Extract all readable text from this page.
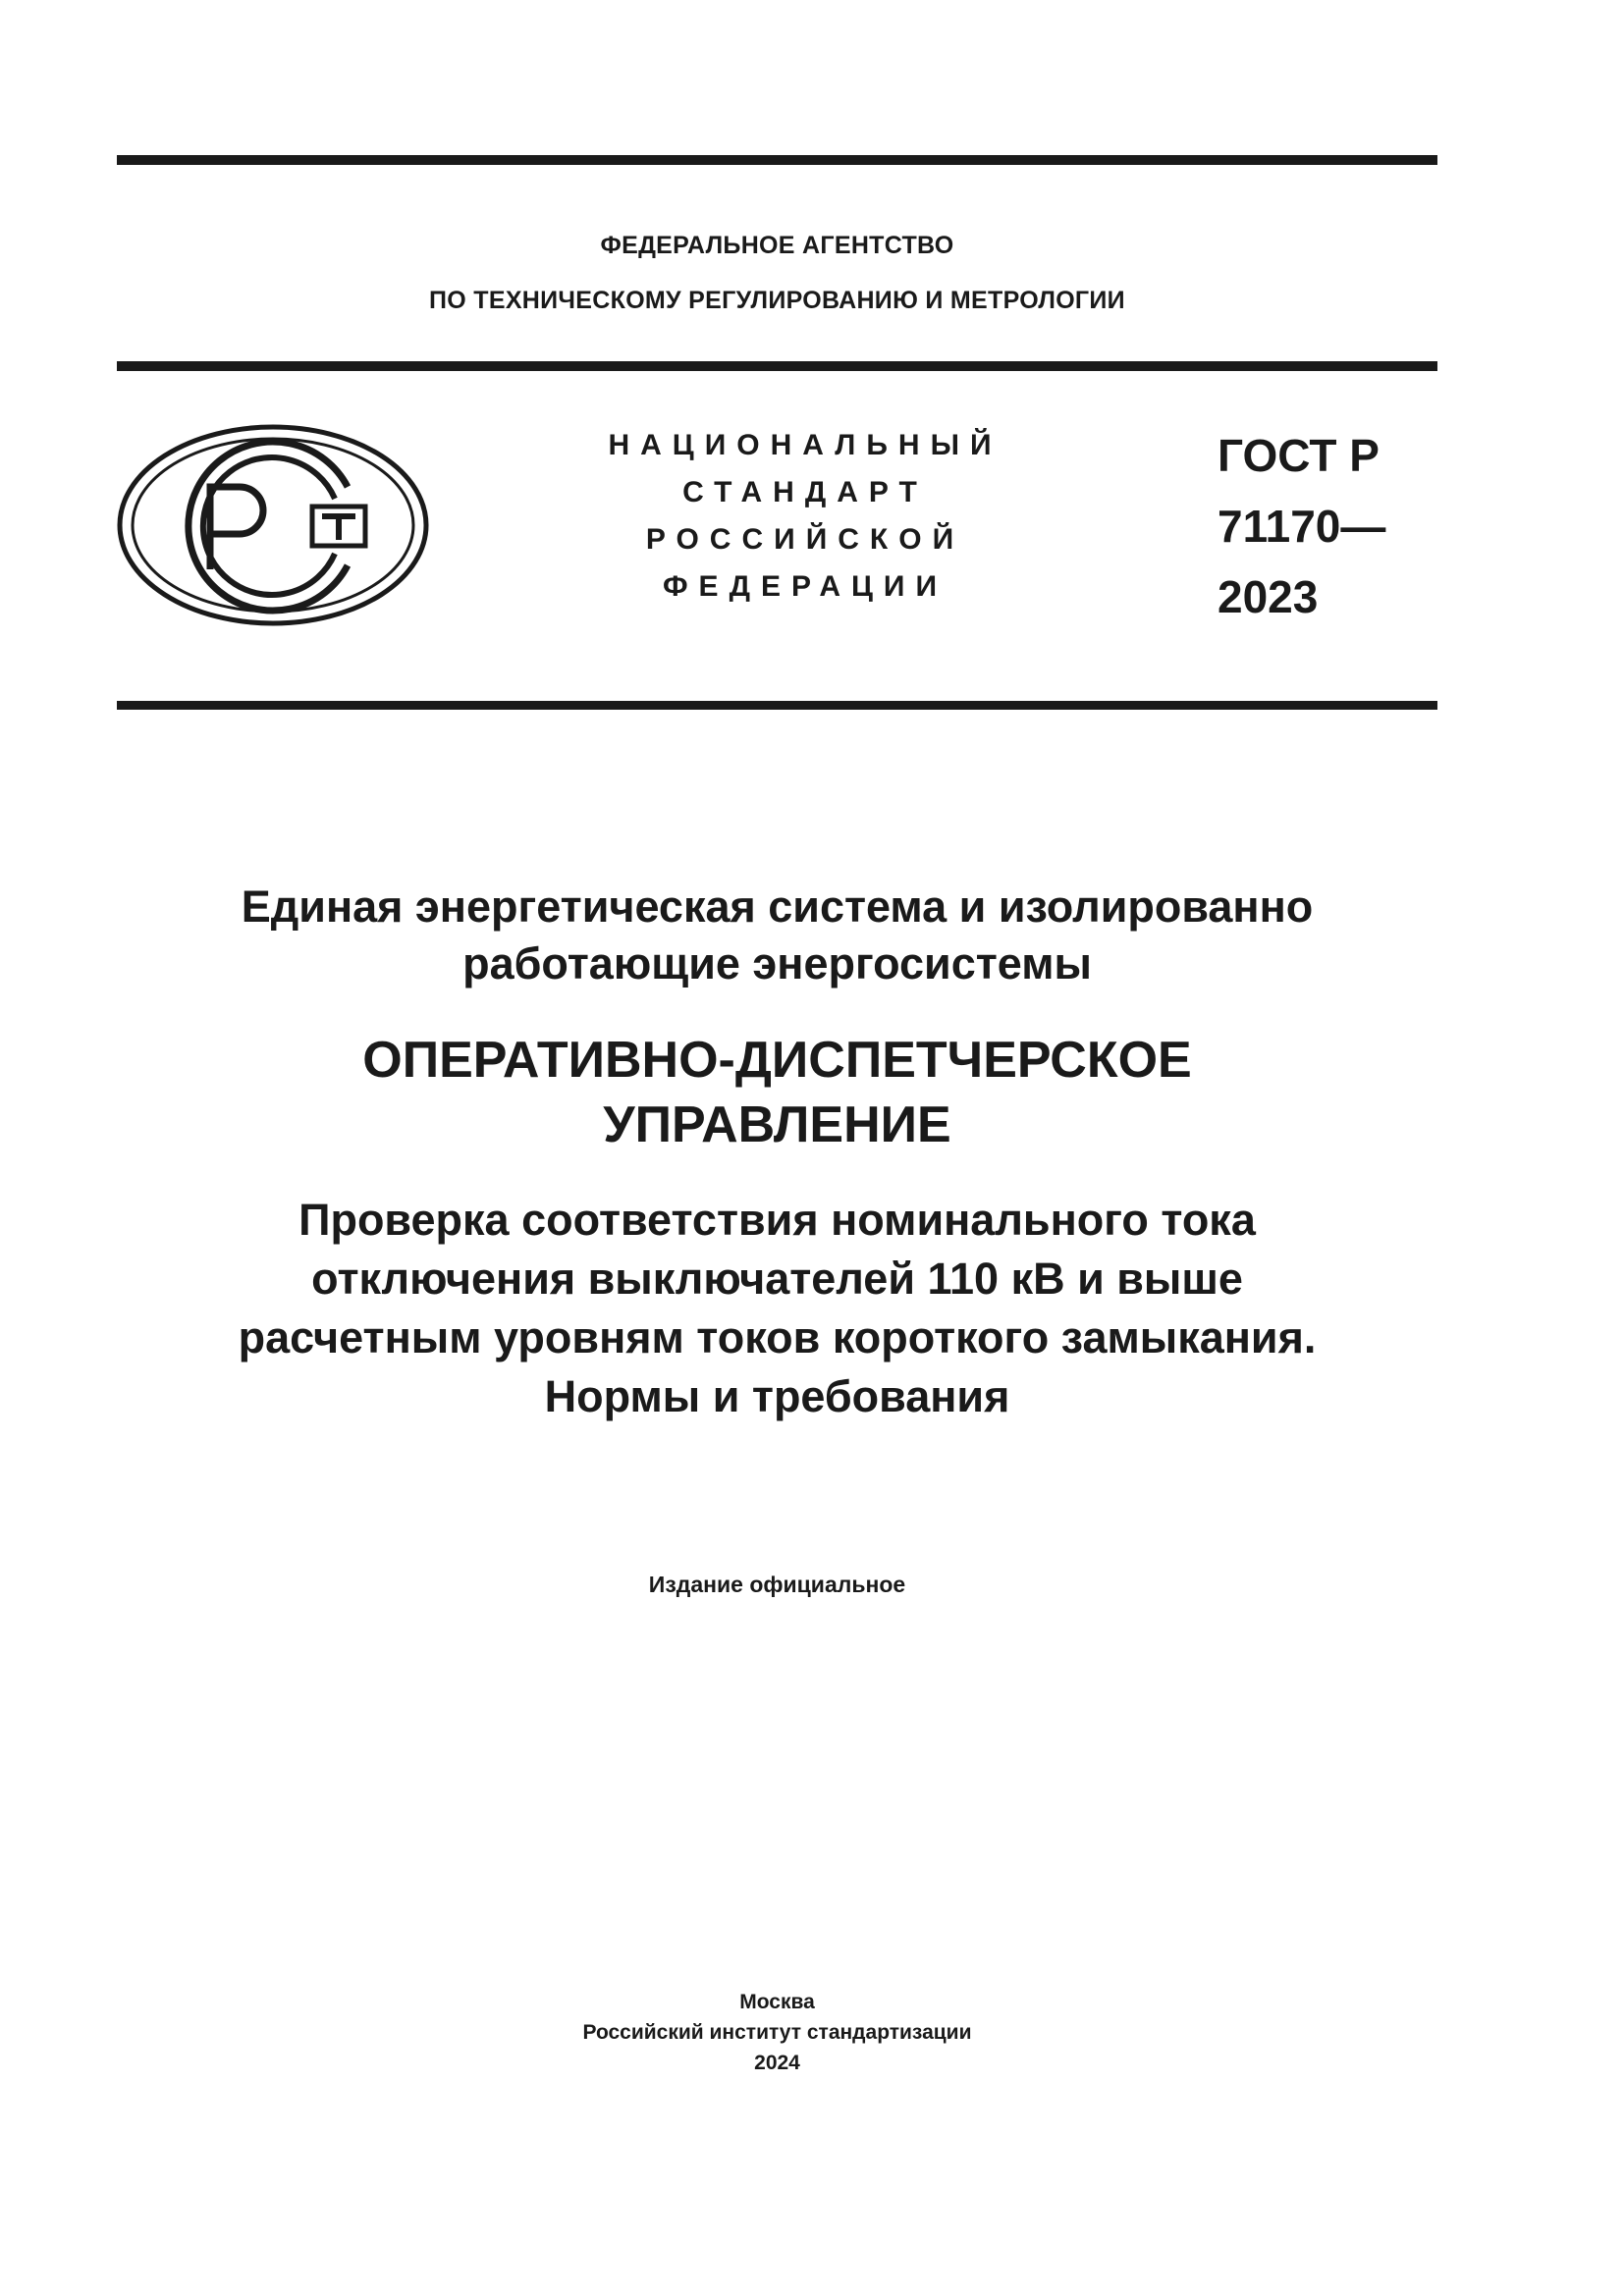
ФЕДЕРАЛЬНОЕ АГЕНТСТВО
ПО ТЕХНИЧЕСКОМУ РЕГУЛИРОВАНИЮ И МЕТРОЛОГИИ
НАЦИОНАЛЬНЫЙ
СТАНДАРТ
РОССИЙСКОЙ
ФЕДЕРАЦИИ
ГОСТ Р
71170—
2023
Единая энергетическая система и изолированно
работающие энергосистемы
ОПЕРАТИВНО-ДИСПЕТЧЕРСКОЕ
УПРАВЛЕНИЕ
Проверка соответствия номинального тока
отключения выключателей 110 кВ и выше
расчетным уровням токов короткого замыкания.
Нормы и требования
Издание официальное
Москва
Российский институт стандартизации
2024
